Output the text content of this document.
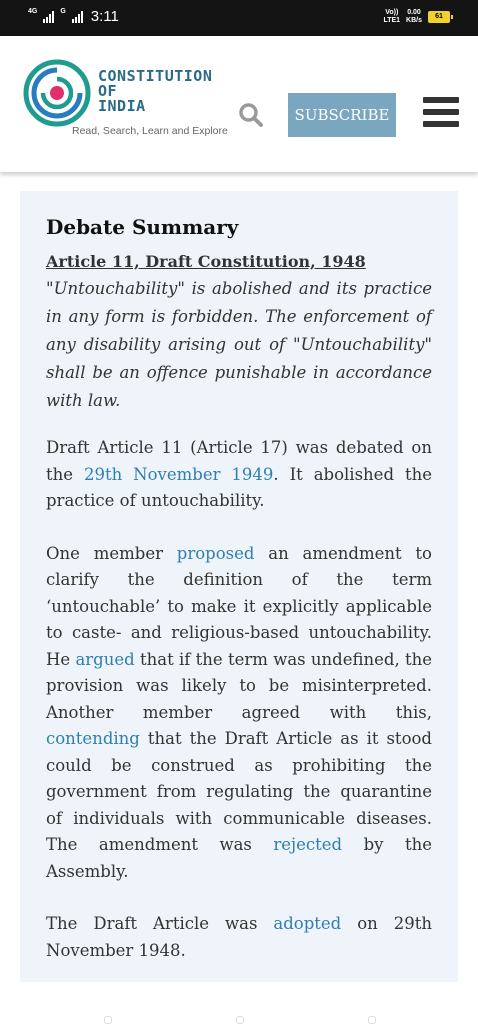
4G	G 3:11	Vo))
LTE1
0.00
KB/s
61
CONSTITUTION
OF
INDIA
Read, Search, Learn and Explore
SUBSCRIBE
Debate Summary
Article 11, Draft Constitution, 1948
"Untouchability" is abolished and its practice in any form is forbidden. The enforcement of any disability arising out of "Untouchability" shall be an offence punishable in accordance with law.

Draft Article 11 (Article 17) was debated on the 29th November 1949. It abolished the practice of untouchability.

One member proposed an amendment to clarify the definition of the term ‘untouchable’ to make it explicitly applicable to caste- and religious-based untouchability. He argued that if the term was undefined, the provision was likely to be misinterpreted. Another member agreed with this, contending that the Draft Article as it stood could be construed as prohibiting the government from regulating the quarantine of individuals with communicable diseases. The amendment was rejected by the Assembly.

The Draft Article was adopted on 29th November 1948.
